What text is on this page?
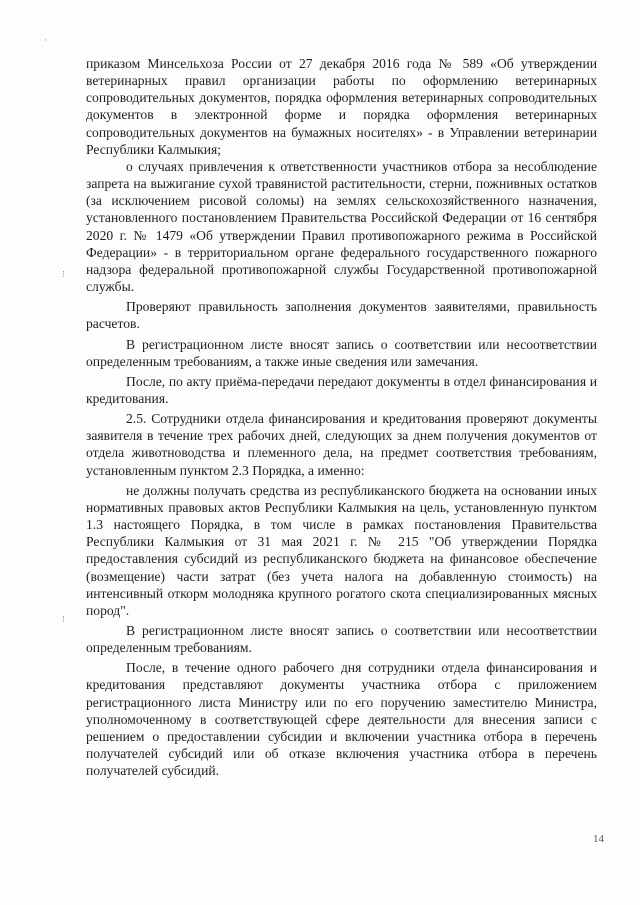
·
⁝
⁝

приказом Минсельхоза России от 27 декабря 2016 года № 589 «Об утверждении ветеринарных правил организации работы по оформлению ветеринарных сопроводительных документов, порядка оформления ветеринарных сопроводительных документов в электронной форме и порядка оформления ветеринарных сопроводительных документов на бумажных носителях» - в Управлении ветеринарии Республики Калмыкия;

о случаях привлечения к ответственности участников отбора за несоблюдение запрета на выжигание сухой травянистой растительности, стерни, пожнивных остатков (за исключением рисовой соломы) на землях сельскохозяйственного назначения, установленного постановлением Правительства Российской Федерации от 16 сентября 2020 г. № 1479 «Об утверждении Правил противопожарного режима в Российской Федерации» - в территориальном органе федерального государственного пожарного надзора федеральной противопожарной службы Государственной противопожарной службы.

Проверяют правильность заполнения документов заявителями, правильность расчетов.

В регистрационном листе вносят запись о соответствии или несоответствии определенным требованиям, а также иные сведения или замечания.

После, по акту приёма-передачи передают документы в отдел финансирования и кредитования.

2.5. Сотрудники отдела финансирования и кредитования проверяют документы заявителя в течение трех рабочих дней, следующих за днем получения документов от отдела животноводства и племенного дела, на предмет соответствия требованиям, установленным пунктом 2.3 Порядка, а именно:

не должны получать средства из республиканского бюджета на основании иных нормативных правовых актов Республики Калмыкия на цель, установленную пунктом 1.3 настоящего Порядка, в том числе в рамках постановления Правительства Республики Калмыкия от 31 мая 2021 г. № 215 "Об утверждении Порядка предоставления субсидий из республиканского бюджета на финансовое обеспечение (возмещение) части затрат (без учета налога на добавленную стоимость) на интенсивный откорм молодняка крупного рогатого скота специализированных мясных пород".

В регистрационном листе вносят запись о соответствии или несоответствии определенным требованиям.

После, в течение одного рабочего дня сотрудники отдела финансирования и кредитования представляют документы участника отбора с приложением регистрационного листа Министру или по его поручению заместителю Министра, уполномоченному в соответствующей сфере деятельности для внесения записи с решением о предоставлении субсидии и включении участника отбора в перечень получателей субсидий или об отказе включения участника отбора в перечень получателей субсидий.

14
